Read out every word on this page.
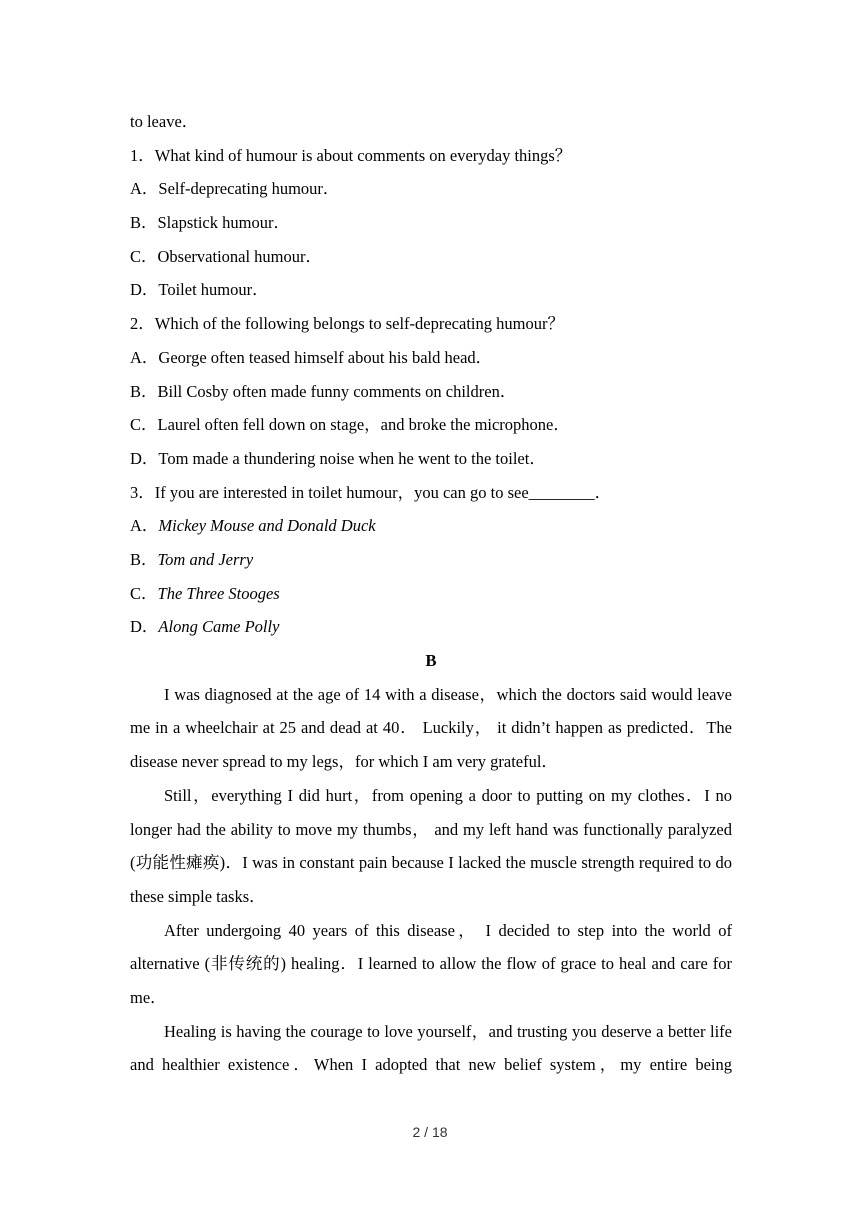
to leave．
1．What kind of humour is about comments on everyday things？
A．Self-deprecating humour．
B．Slapstick humour．
C．Observational humour．
D．Toilet humour．
2．Which of the following belongs to self-deprecating humour？
A．George often teased himself about his bald head．
B．Bill Cosby often made funny comments on children．
C．Laurel often fell down on stage，and broke the microphone．
D．Tom made a thundering noise when he went to the toilet．
3．If you are interested in toilet humour，you can go to see________．
A．Mickey Mouse and Donald Duck
B．Tom and Jerry
C．The Three Stooges
D．Along Came Polly
B

I was diagnosed at the age of 14 with a disease，which the doctors said would leave me in a wheelchair at 25 and dead at 40． Luckily， it didn’t happen as predicted．The disease never spread to my legs，for which I am very grateful．

Still，everything I did hurt，from opening a door to putting on my clothes．I no longer had the ability to move my thumbs， and my left hand was functionally paralyzed (功能性瘫痪)．I was in constant pain because I lacked the muscle strength required to do these simple tasks．

After undergoing 40 years of this disease， I decided to step into the world of alternative (非传统的) healing．I learned to allow the flow of grace to heal and care for me．

Healing is having the courage to love yourself，and trusting you deserve a better life and healthier existence．When I adopted that new belief system，my entire being

2 / 18
